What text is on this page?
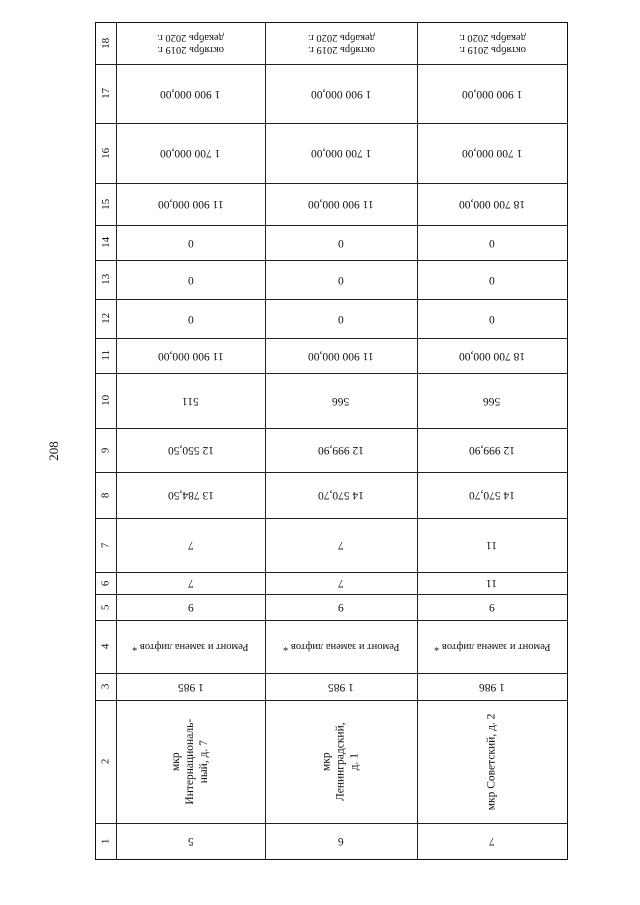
208
18
17
16
15
14
13
12
11
10
9
8
7
6
5
4
3
2
1
октябрь 2019 г.
декабрь 2020 г.
1 900 000,00
1 700 000,00
11 900 000,00
0
0
0
11 900 000,00
511
12 550,50
13 784,50
7
7
9
Ремонт и замена лифтов *
1 985
мкр
Интернациональ-
ный, д. 7
5
октябрь 2019 г.
декабрь 2020 г.
1 900 000,00
1 700 000,00
11 900 000,00
0
0
0
11 900 000,00
566
12 999,90
14 570,70
7
7
9
Ремонт и замена лифтов *
1 985
мкр
Ленинградский,
д. 1
6
октябрь 2019 г.
декабрь 2020 г.
1 900 000,00
1 700 000,00
18 700 000,00
0
0
0
18 700 000,00
566
12 999,90
14 570,70
11
11
9
Ремонт и замена лифтов *
1 986
мкр Советский, д. 2
7
